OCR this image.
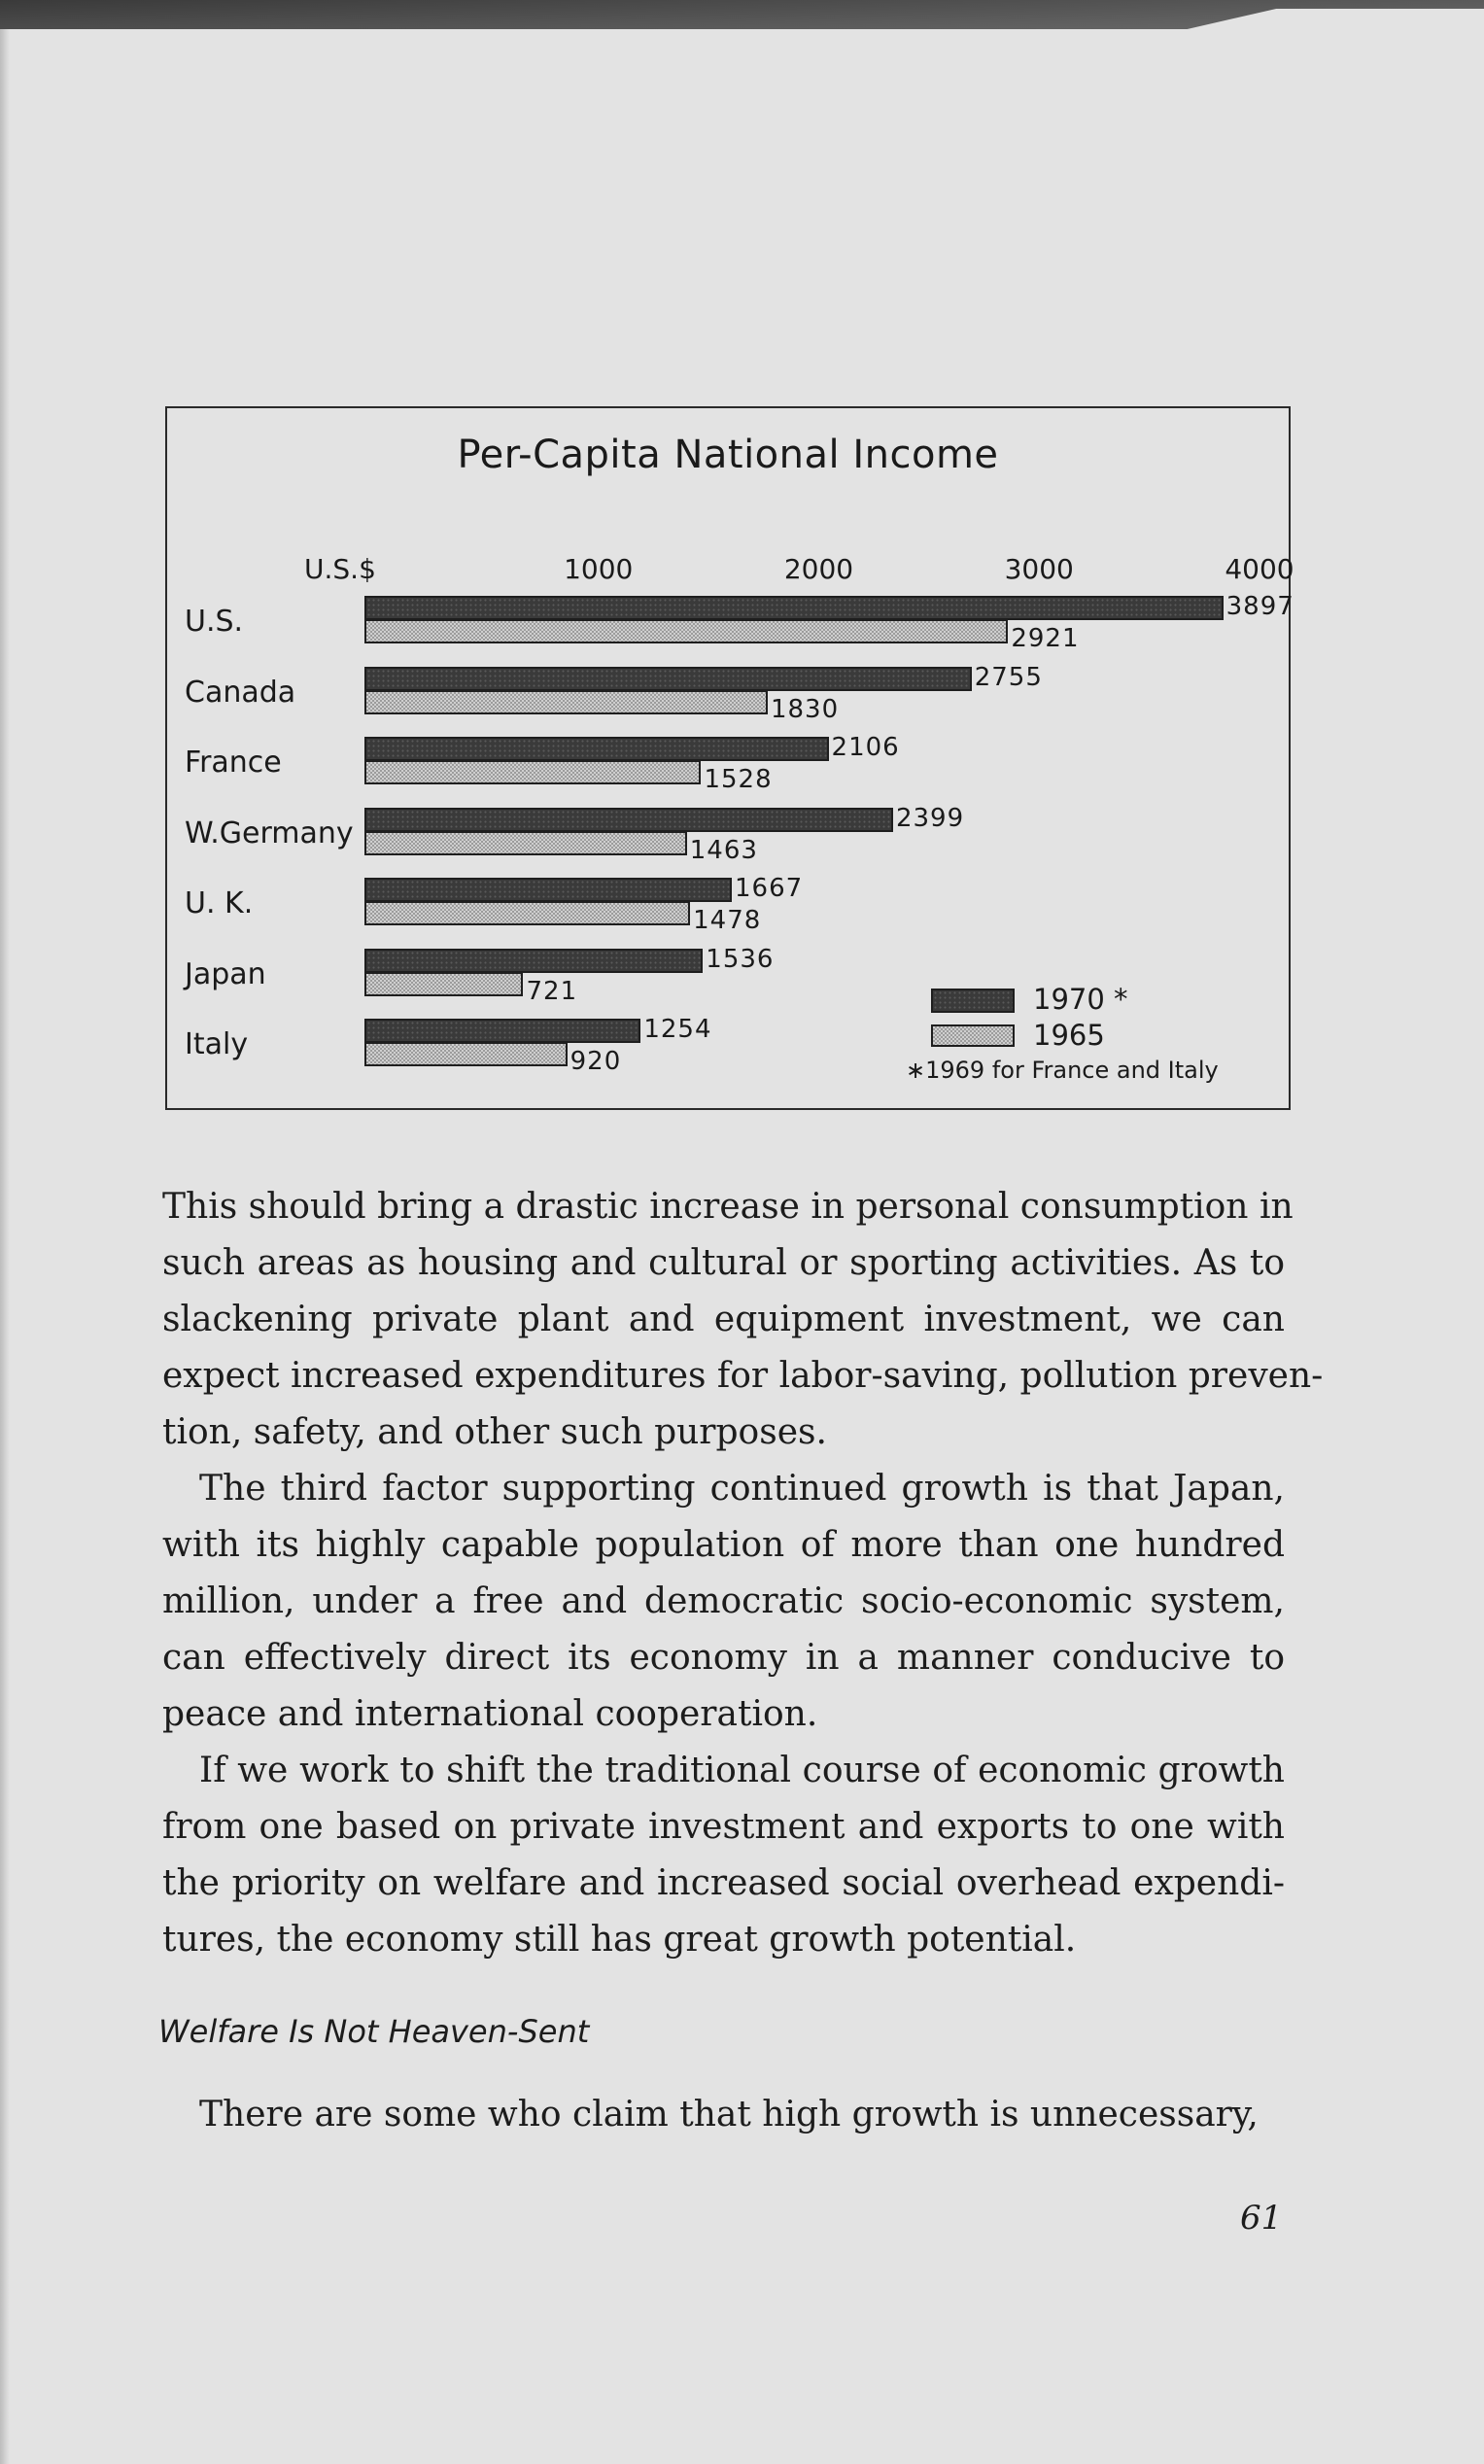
Per-Capita National Income
U.S.$	1000	2000	3000	4000
U.S.	3897
2921
Canada	2755
1830
France	2106
1528
W.Germany	2399
1463
U. K.	1667
1478
Japan	1536
721
Italy	1254
920
1970 *
1965
∗1969 for France and Italy
This should bring a drastic increase in personal consumption in
such areas as housing and cultural or sporting activities. As to
slackening private plant and equipment investment, we can
expect increased expenditures for labor-saving, pollution preven-
tion, safety, and other such purposes.
The third factor supporting continued growth is that Japan,
with its highly capable population of more than one hundred
million, under a free and democratic socio-economic system,
can effectively direct its economy in a manner conducive to
peace and international cooperation.
If we work to shift the traditional course of economic growth
from one based on private investment and exports to one with
the priority on welfare and increased social overhead expendi-
tures, the economy still has great growth potential.
There are some who claim that high growth is unnecessary,
Welfare Is Not Heaven-Sent
61
